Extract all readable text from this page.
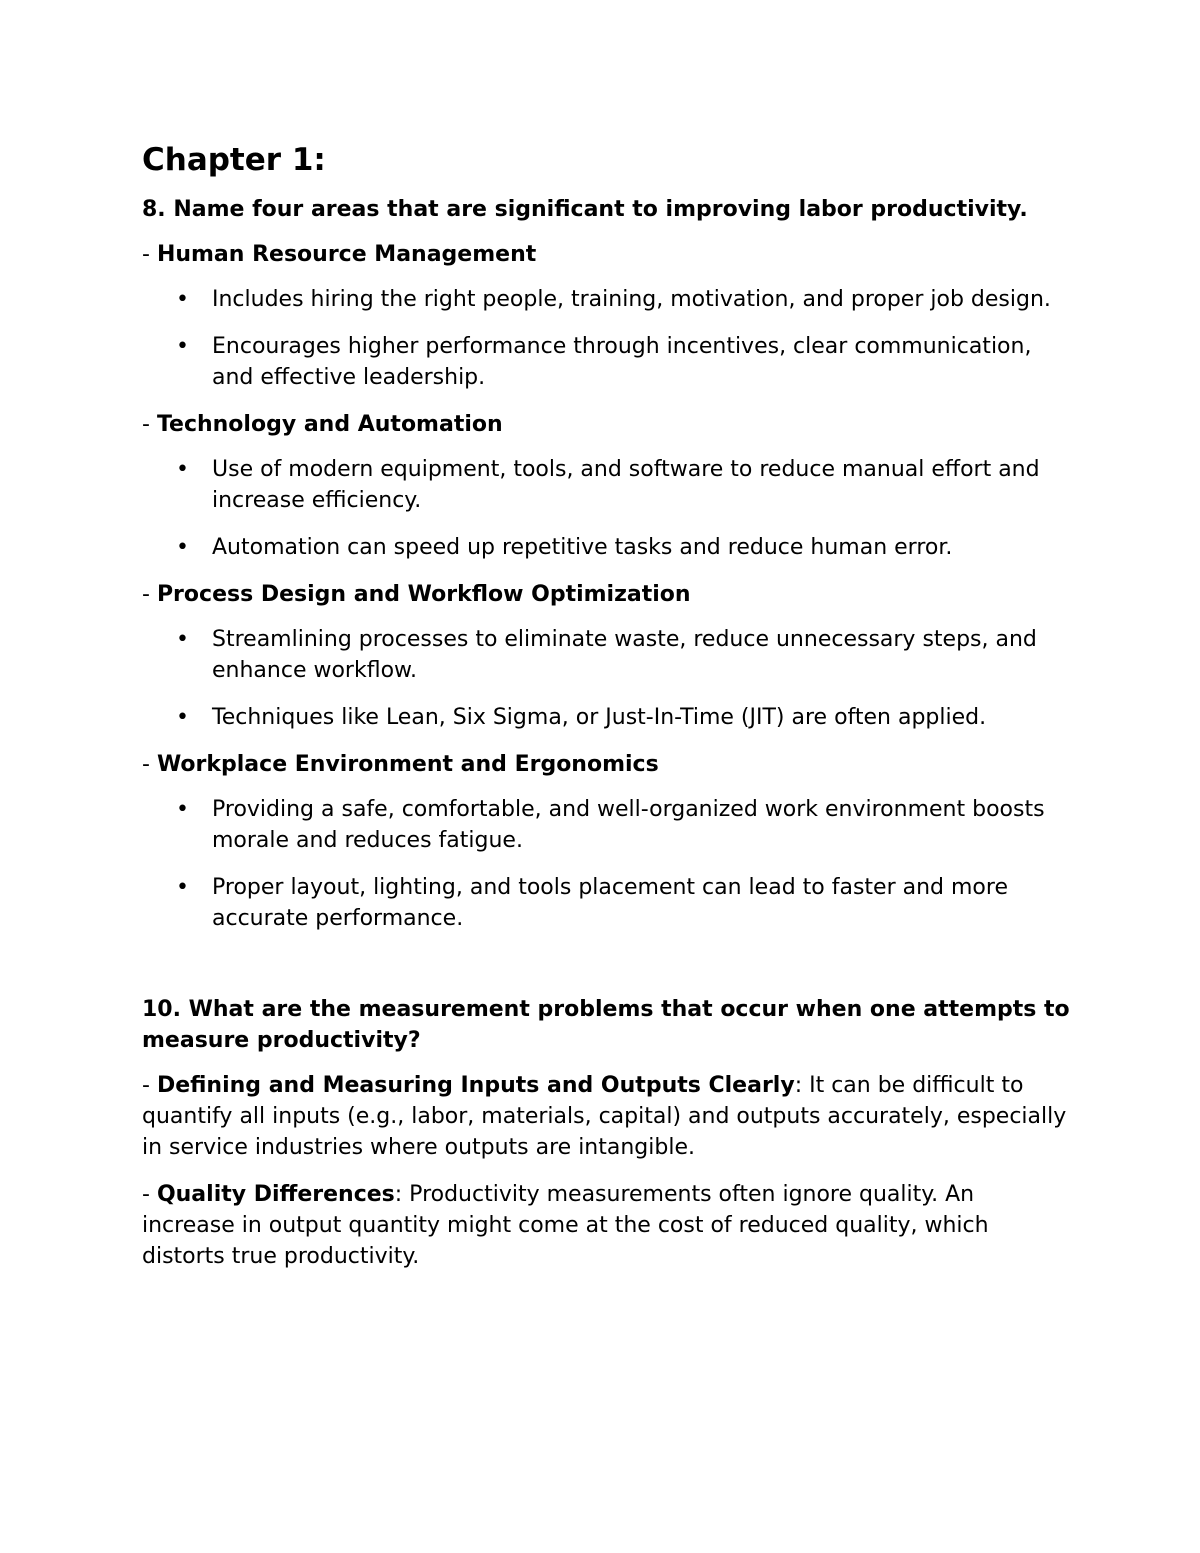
Chapter 1:
8. Name four areas that are significant to improving labor productivity.
- Human Resource Management
• Includes hiring the right people, training, motivation, and proper job design.
• Encourages higher performance through incentives, clear communication, and effective leadership.
- Technology and Automation
• Use of modern equipment, tools, and software to reduce manual effort and increase efficiency.
• Automation can speed up repetitive tasks and reduce human error.
- Process Design and Workflow Optimization
• Streamlining processes to eliminate waste, reduce unnecessary steps, and enhance workflow.
• Techniques like Lean, Six Sigma, or Just-In-Time (JIT) are often applied.
- Workplace Environment and Ergonomics
• Providing a safe, comfortable, and well-organized work environment boosts morale and reduces fatigue.
• Proper layout, lighting, and tools placement can lead to faster and more accurate performance.
10. What are the measurement problems that occur when one attempts to measure productivity?
- Defining and Measuring Inputs and Outputs Clearly: It can be difficult to quantify all inputs (e.g., labor, materials, capital) and outputs accurately, especially in service industries where outputs are intangible.
- Quality Differences: Productivity measurements often ignore quality. An increase in output quantity might come at the cost of reduced quality, which distorts true productivity.
